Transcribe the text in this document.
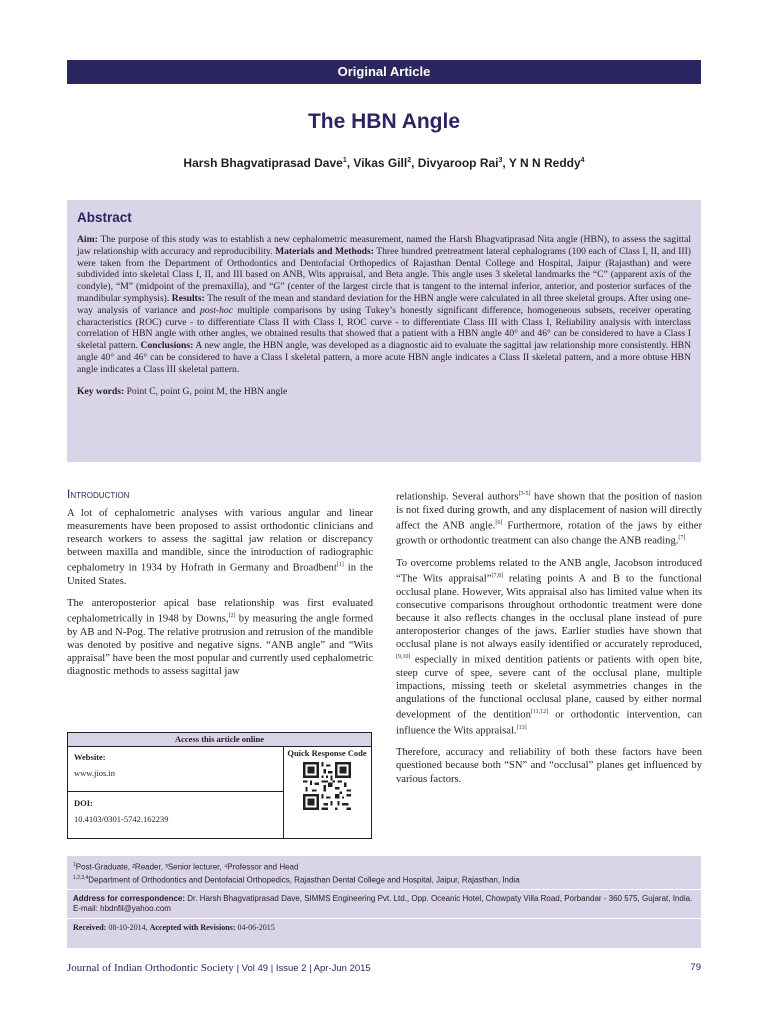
Original Article
The HBN Angle
Harsh Bhagvatiprasad Dave$^1$, Vikas Gill$^2$, Divyaroop Rai$^3$, Y N N Reddy$^4$
Abstract

Aim: The purpose of this study was to establish a new cephalometric measurement, named the Harsh Bhagvatiprasad Nita angle (HBN), to assess the sagittal jaw relationship with accuracy and reproducibility. Materials and Methods: Three hundred pretreatment lateral cephalograms (100 each of Class I, II, and III) were taken from the Department of Orthodontics and Dentofacial Orthopedics of Rajasthan Dental College and Hospital, Jaipur (Rajasthan) and were subdivided into skeletal Class I, II, and III based on ANB, Wits appraisal, and Beta angle. This angle uses 3 skeletal landmarks the “C” (apparent axis of the condyle), “M” (midpoint of the premaxilla), and “G” (center of the largest circle that is tangent to the internal inferior, anterior, and posterior surfaces of the mandibular symphysis). Results: The result of the mean and standard deviation for the HBN angle were calculated in all three skeletal groups. After using one-way analysis of variance and post-hoc multiple comparisons by using Tukey’s honestly significant difference, homogeneous subsets, receiver operating characteristics (ROC) curve - to differentiate Class II with Class I, ROC curve - to differentiate Class III with Class I, Reliability analysis with interclass correlation of HBN angle with other angles, we obtained results that showed that a patient with a HBN angle 40° and 46° can be considered to have a Class I skeletal pattern. Conclusions: A new angle, the HBN angle, was developed as a diagnostic aid to evaluate the sagittal jaw relationship more consistently. HBN angle 40° and 46° can be considered to have a Class I skeletal pattern, a more acute HBN angle indicates a Class II skeletal pattern, and a more obtuse HBN angle indicates a Class III skeletal pattern.

Key words: Point C, point G, point M, the HBN angle

Introduction

A lot of cephalometric analyses with various angular and linear measurements have been proposed to assist orthodontic clinicians and research workers to assess the sagittal jaw relation or discrepancy between maxilla and mandible, since the introduction of radiographic cephalometry in 1934 by Hofrath in Germany and Broadbent[1] in the United States.

The anteroposterior apical base relationship was first evaluated cephalometrically in 1948 by Downs,[2] by measuring the angle formed by AB and N-Pog. The relative protrusion and retrusion of the mandible was denoted by positive and negative signs. “ANB angle” and “Wits appraisal” have been the most popular and currently used cephalometric diagnostic methods to assess sagittal jaw

relationship. Several authors[3-5] have shown that the position of nasion is not fixed during growth, and any displacement of nasion will directly affect the ANB angle.[6] Furthermore, rotation of the jaws by either growth or orthodontic treatment can also change the ANB reading.[7]

To overcome problems related to the ANB angle, Jacobson introduced “The Wits appraisal”[7,8] relating points A and B to the functional occlusal plane. However, Wits appraisal also has limited value when its consecutive comparisons throughout orthodontic treatment were done because it also reflects changes in the occlusal plane instead of pure anteroposterior changes of the jaws. Earlier studies have shown that occlusal plane is not always easily identified or accurately reproduced,[9,10] especially in mixed dentition patients or patients with open bite, steep curve of spee, severe cant of the occlusal plane, multiple impactions, missing teeth or skeletal asymmetries changes in the angulations of the functional occlusal plane, caused by either normal development of the dentition[11,12] or orthodontic intervention, can influence the Wits appraisal.[13]

Therefore, accuracy and reliability of both these factors have been questioned because both “SN” and “occlusal” planes get influenced by various factors.

Access this article online
Website:
www.jios.in
DOI:
10.4103/0301-5742.162239
Quick Response Code
$^1$Post-Graduate, ²Reader, ³Senior lecturer, ⁴Professor and Head
$^{1,2,3,4}$Department of Orthodontics and Dentofacial Orthopedics, Rajasthan Dental College and Hospital, Jaipur, Rajasthan, India
Address for correspondence: Dr. Harsh Bhagvatiprasad Dave, SIMMS Engineering Pvt. Ltd., Opp. Oceanic Hotel, Chowpaty Villa Road, Porbandar - 360 575, Gujarat, India. E-mail: hbdnfil@yahoo.com
Received: 08-10-2014, Accepted with Revisions: 04-06-2015
Journal of Indian Orthodontic Society | Vol 49 | Issue 2 | Apr-Jun 2015	79
